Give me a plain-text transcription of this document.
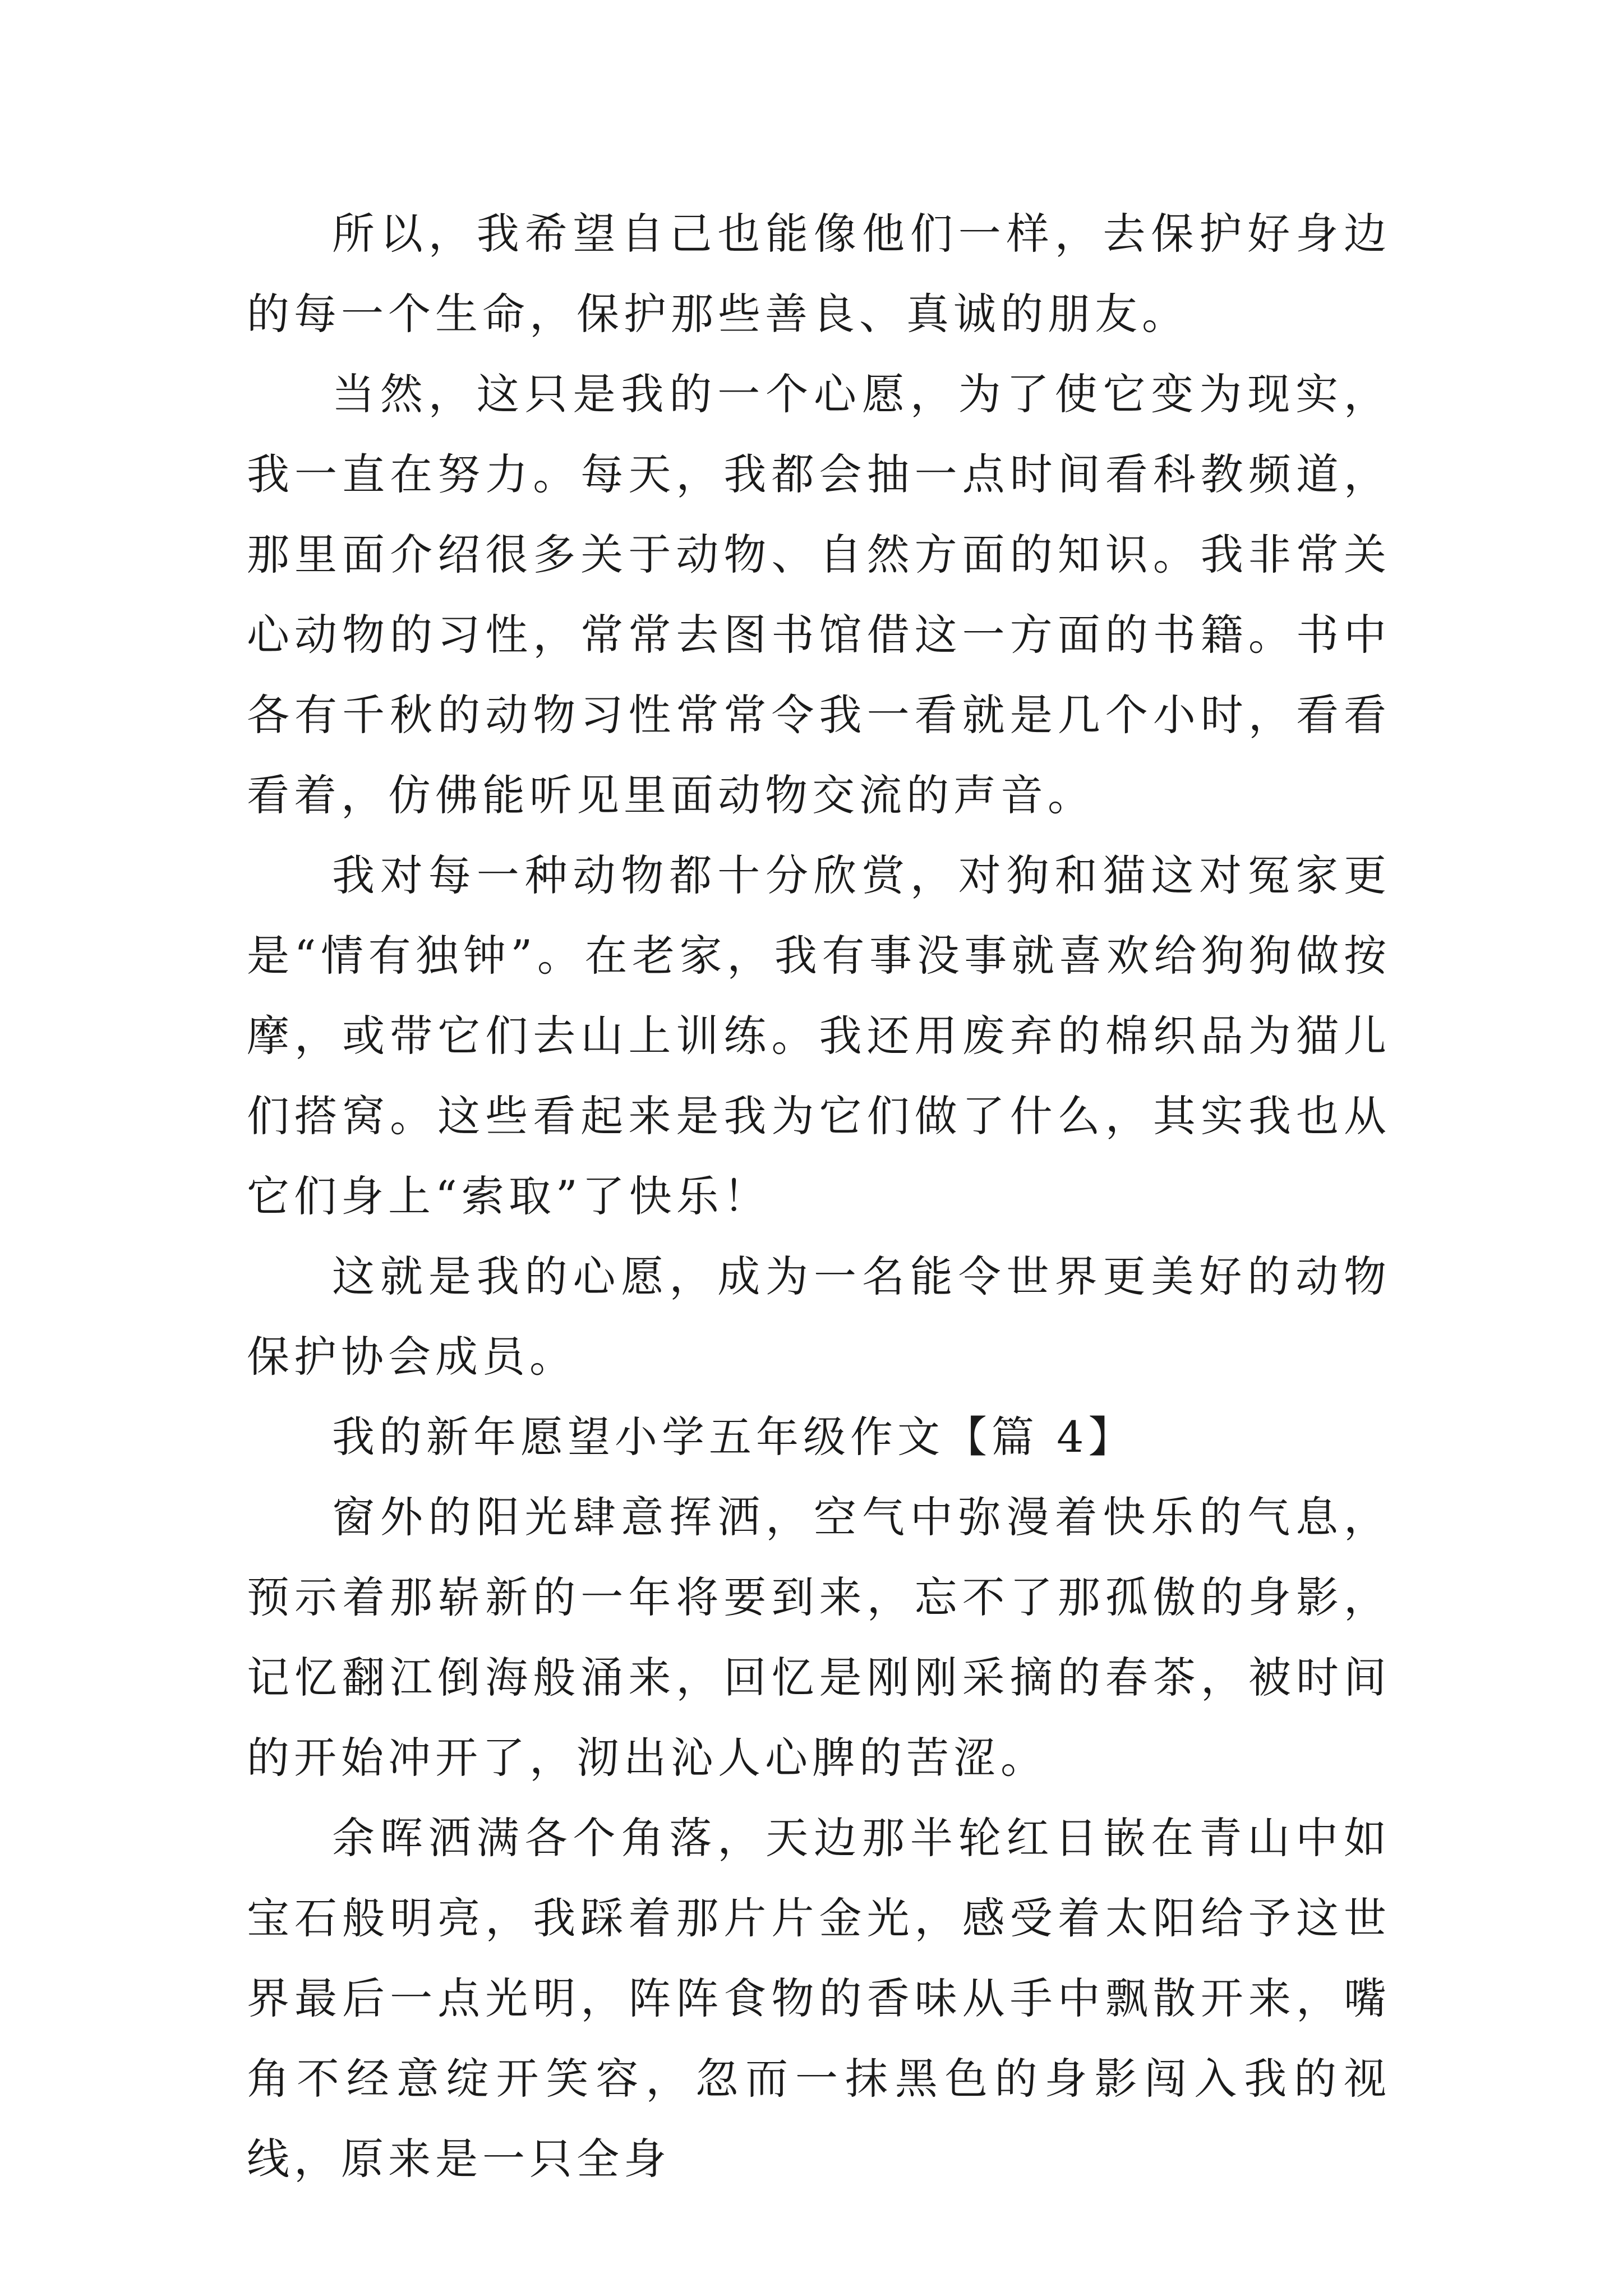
所以，我希望自己也能像他们一样，去保护好身边的每一个生命，保护那些善良、真诚的朋友。

当然，这只是我的一个心愿，为了使它变为现实，我一直在努力。每天，我都会抽一点时间看科教频道，那里面介绍很多关于动物、自然方面的知识。我非常关心动物的习性，常常去图书馆借这一方面的书籍。书中各有千秋的动物习性常常令我一看就是几个小时，看看看着，仿佛能听见里面动物交流的声音。

我对每一种动物都十分欣赏，对狗和猫这对冤家更是“情有独钟”。在老家，我有事没事就喜欢给狗狗做按摩，或带它们去山上训练。我还用废弃的棉织品为猫儿们搭窝。这些看起来是我为它们做了什么，其实我也从它们身上“索取”了快乐！

这就是我的心愿，成为一名能令世界更美好的动物保护协会成员。

我的新年愿望小学五年级作文【篇 4】

窗外的阳光肆意挥洒，空气中弥漫着快乐的气息，预示着那崭新的一年将要到来，忘不了那孤傲的身影，记忆翻江倒海般涌来，回忆是刚刚采摘的春茶，被时间的开始冲开了，沏出沁人心脾的苦涩。

余晖洒满各个角落，天边那半轮红日嵌在青山中如宝石般明亮，我踩着那片片金光，感受着太阳给予这世界最后一点光明，阵阵食物的香味从手中飘散开来，嘴角不经意绽开笑容，忽而一抹黑色的身影闯入我的视线，原来是一只全身
